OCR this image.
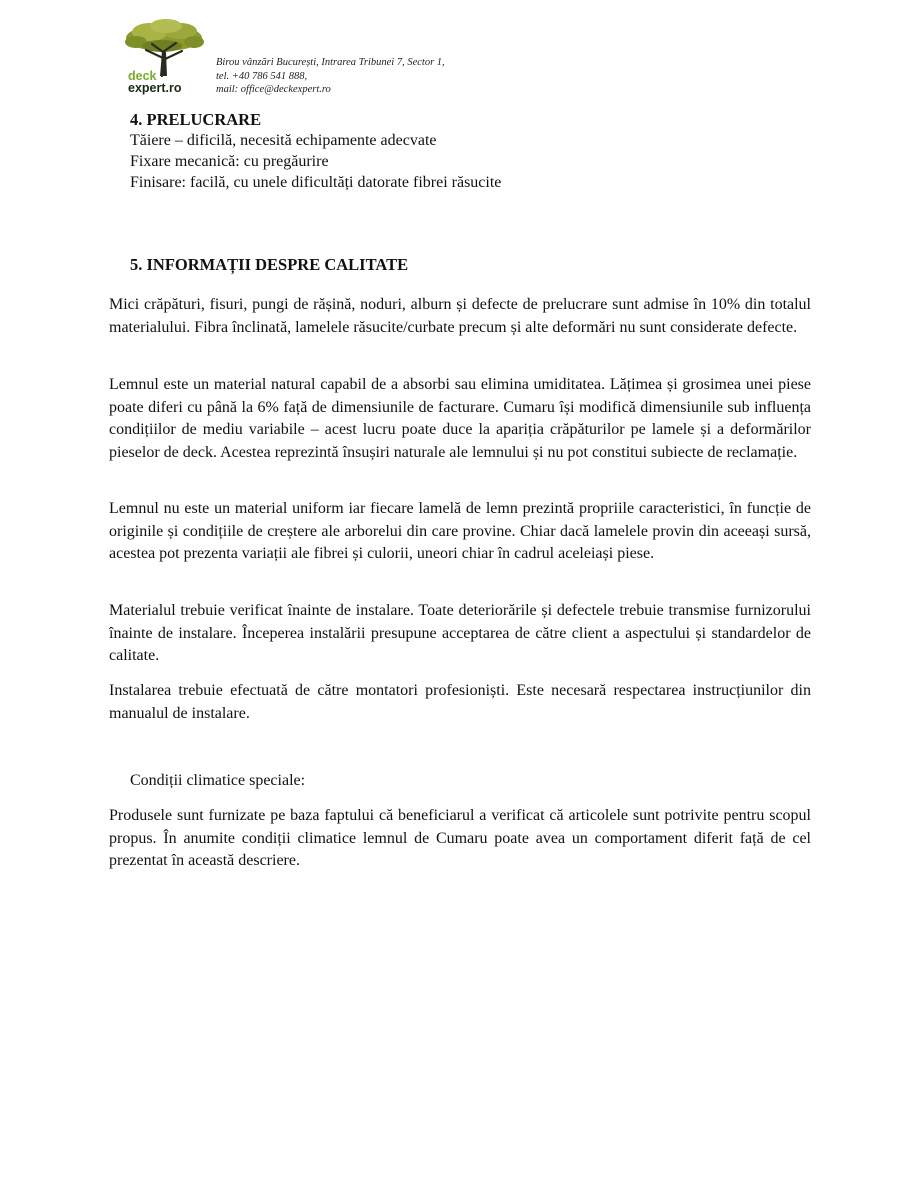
deck
expert.ro
Birou vânzări București, Intrarea Tribunei 7, Sector 1,
tel. +40 786 541 888,
mail: office@deckexpert.ro
4. PRELUCRARE
Tăiere – dificilă, necesită echipamente adecvate
Fixare mecanică: cu pregăurire
Finisare: facilă, cu unele dificultăți datorate fibrei răsucite
5. INFORMAȚII DESPRE CALITATE

Mici crăpături, fisuri, pungi de rășină, noduri, alburn și defecte de prelucrare sunt admise în 10% din totalul materialului. Fibra înclinată, lamelele răsucite/curbate precum și alte deformări nu sunt considerate defecte.

Lemnul este un material natural capabil de a absorbi sau elimina umiditatea. Lățimea și grosimea unei piese poate diferi cu până la 6% față de dimensiunile de facturare. Cumaru își modifică dimensiunile sub influența condițiilor de mediu variabile – acest lucru poate duce la apariția crăpăturilor pe lamele și a deformărilor pieselor de deck. Acestea reprezintă însușiri naturale ale lemnului și nu pot constitui subiecte de reclamație.

Lemnul nu este un material uniform iar fiecare lamelă de lemn prezintă propriile caracteristici, în funcție de originile și condițiile de creștere ale arborelui din care provine. Chiar dacă lamelele provin din aceeași sursă, acestea pot prezenta variații ale fibrei și culorii, uneori chiar în cadrul aceleiași piese.

Materialul trebuie verificat înainte de instalare. Toate deteriorările și defectele trebuie transmise furnizorului înainte de instalare. Începerea instalării presupune acceptarea de către client a aspectului și standardelor de calitate.

Instalarea trebuie efectuată de către montatori profesioniști. Este necesară respectarea instrucțiunilor din manualul de instalare.

Condiții climatice speciale:

Produsele sunt furnizate pe baza faptului că beneficiarul a verificat că articolele sunt potrivite pentru scopul propus. În anumite condiții climatice lemnul de Cumaru poate avea un comportament diferit față de cel prezentat în această descriere.
